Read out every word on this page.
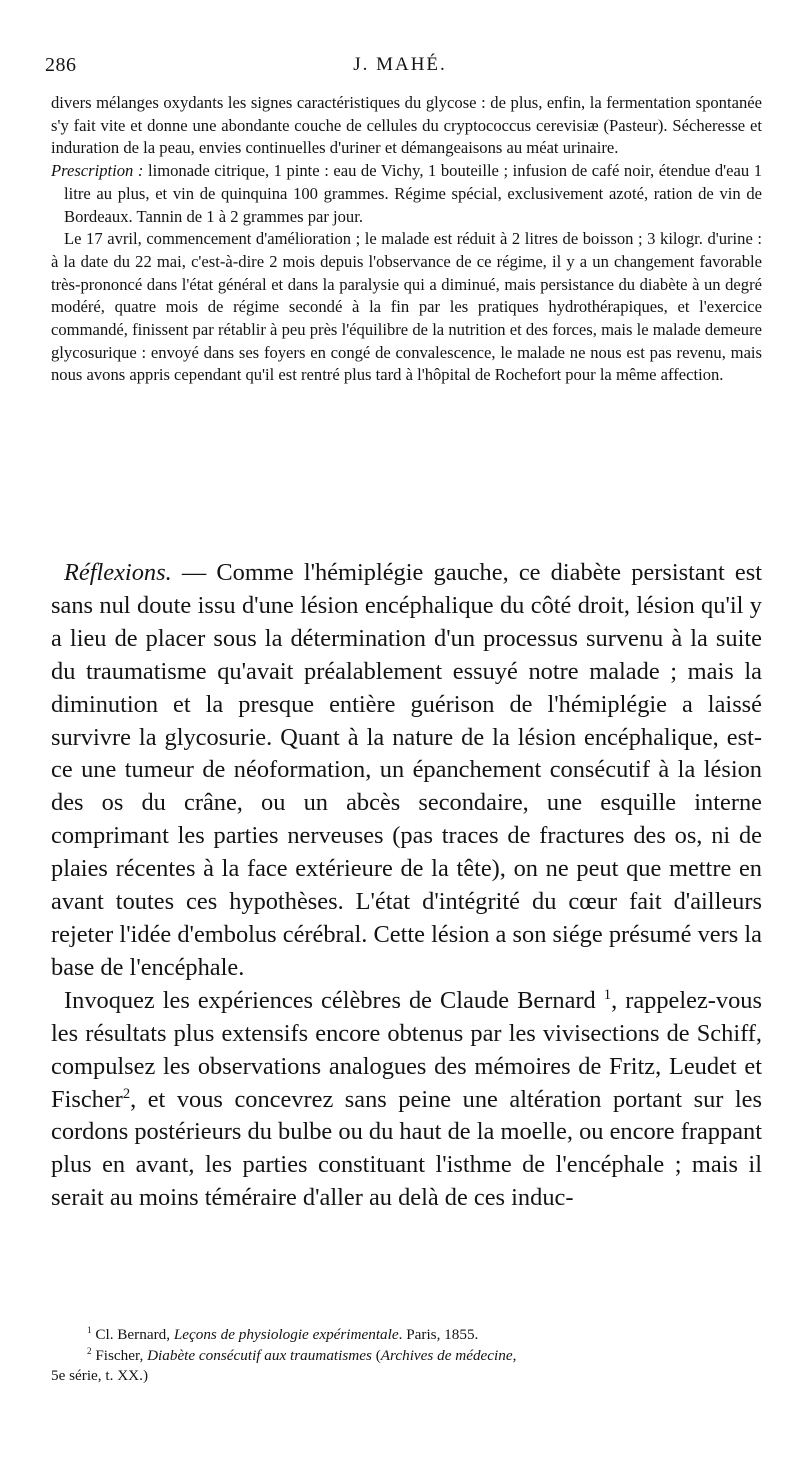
286	J. MAHÉ.

divers mélanges oxydants les signes caractéristiques du glycose : de plus, enfin, la fermentation spontanée s'y fait vite et donne une abondante couche de cellules du cryptococcus cerevisiæ (Pasteur). Sécheresse et induration de la peau, envies continuelles d'uriner et démangeaisons au méat urinaire.

Prescription : limonade citrique, 1 pinte : eau de Vichy, 1 bouteille ; infusion de café noir, étendue d'eau 1 litre au plus, et vin de quinquina 100 grammes. Régime spécial, exclusivement azoté, ration de vin de Bordeaux. Tannin de 1 à 2 grammes par jour.

Le 17 avril, commencement d'amélioration ; le malade est réduit à 2 litres de boisson ; 3 kilogr. d'urine : à la date du 22 mai, c'est-à-dire 2 mois depuis l'observance de ce régime, il y a un changement favorable très-prononcé dans l'état général et dans la paralysie qui a diminué, mais persistance du diabète à un degré modéré, quatre mois de régime secondé à la fin par les pratiques hydrothérapiques, et l'exercice commandé, finissent par rétablir à peu près l'équilibre de la nutrition et des forces, mais le malade demeure glycosurique : envoyé dans ses foyers en congé de convalescence, le malade ne nous est pas revenu, mais nous avons appris cependant qu'il est rentré plus tard à l'hôpital de Rochefort pour la même affection.

Réflexions. — Comme l'hémiplégie gauche, ce diabète persistant est sans nul doute issu d'une lésion encéphalique du côté droit, lésion qu'il y a lieu de placer sous la détermination d'un processus survenu à la suite du traumatisme qu'avait préalablement essuyé notre malade ; mais la diminution et la presque entière guérison de l'hémiplégie a laissé survivre la glycosurie. Quant à la nature de la lésion encéphalique, est-ce une tumeur de néoformation, un épanchement consécutif à la lésion des os du crâne, ou un abcès secondaire, une esquille interne comprimant les parties nerveuses (pas traces de fractures des os, ni de plaies récentes à la face extérieure de la tête), on ne peut que mettre en avant toutes ces hypothèses. L'état d'intégrité du cœur fait d'ailleurs rejeter l'idée d'embolus cérébral. Cette lésion a son siége présumé vers la base de l'encéphale.

Invoquez les expériences célèbres de Claude Bernard $^1$, rappelez-vous les résultats plus extensifs encore obtenus par les vivisections de Schiff, compulsez les observations analogues des mémoires de Fritz, Leudet et Fischer$^2$, et vous concevrez sans peine une altération portant sur les cordons postérieurs du bulbe ou du haut de la moelle, ou encore frappant plus en avant, les parties constituant l'isthme de l'encéphale ; mais il serait au moins téméraire d'aller au delà de ces induc-

$^1$ Cl. Bernard, Leçons de physiologie expérimentale. Paris, 1855.

$^2$ Fischer, Diabète consécutif aux traumatismes (Archives de médecine,

5e série, t. XX.)
